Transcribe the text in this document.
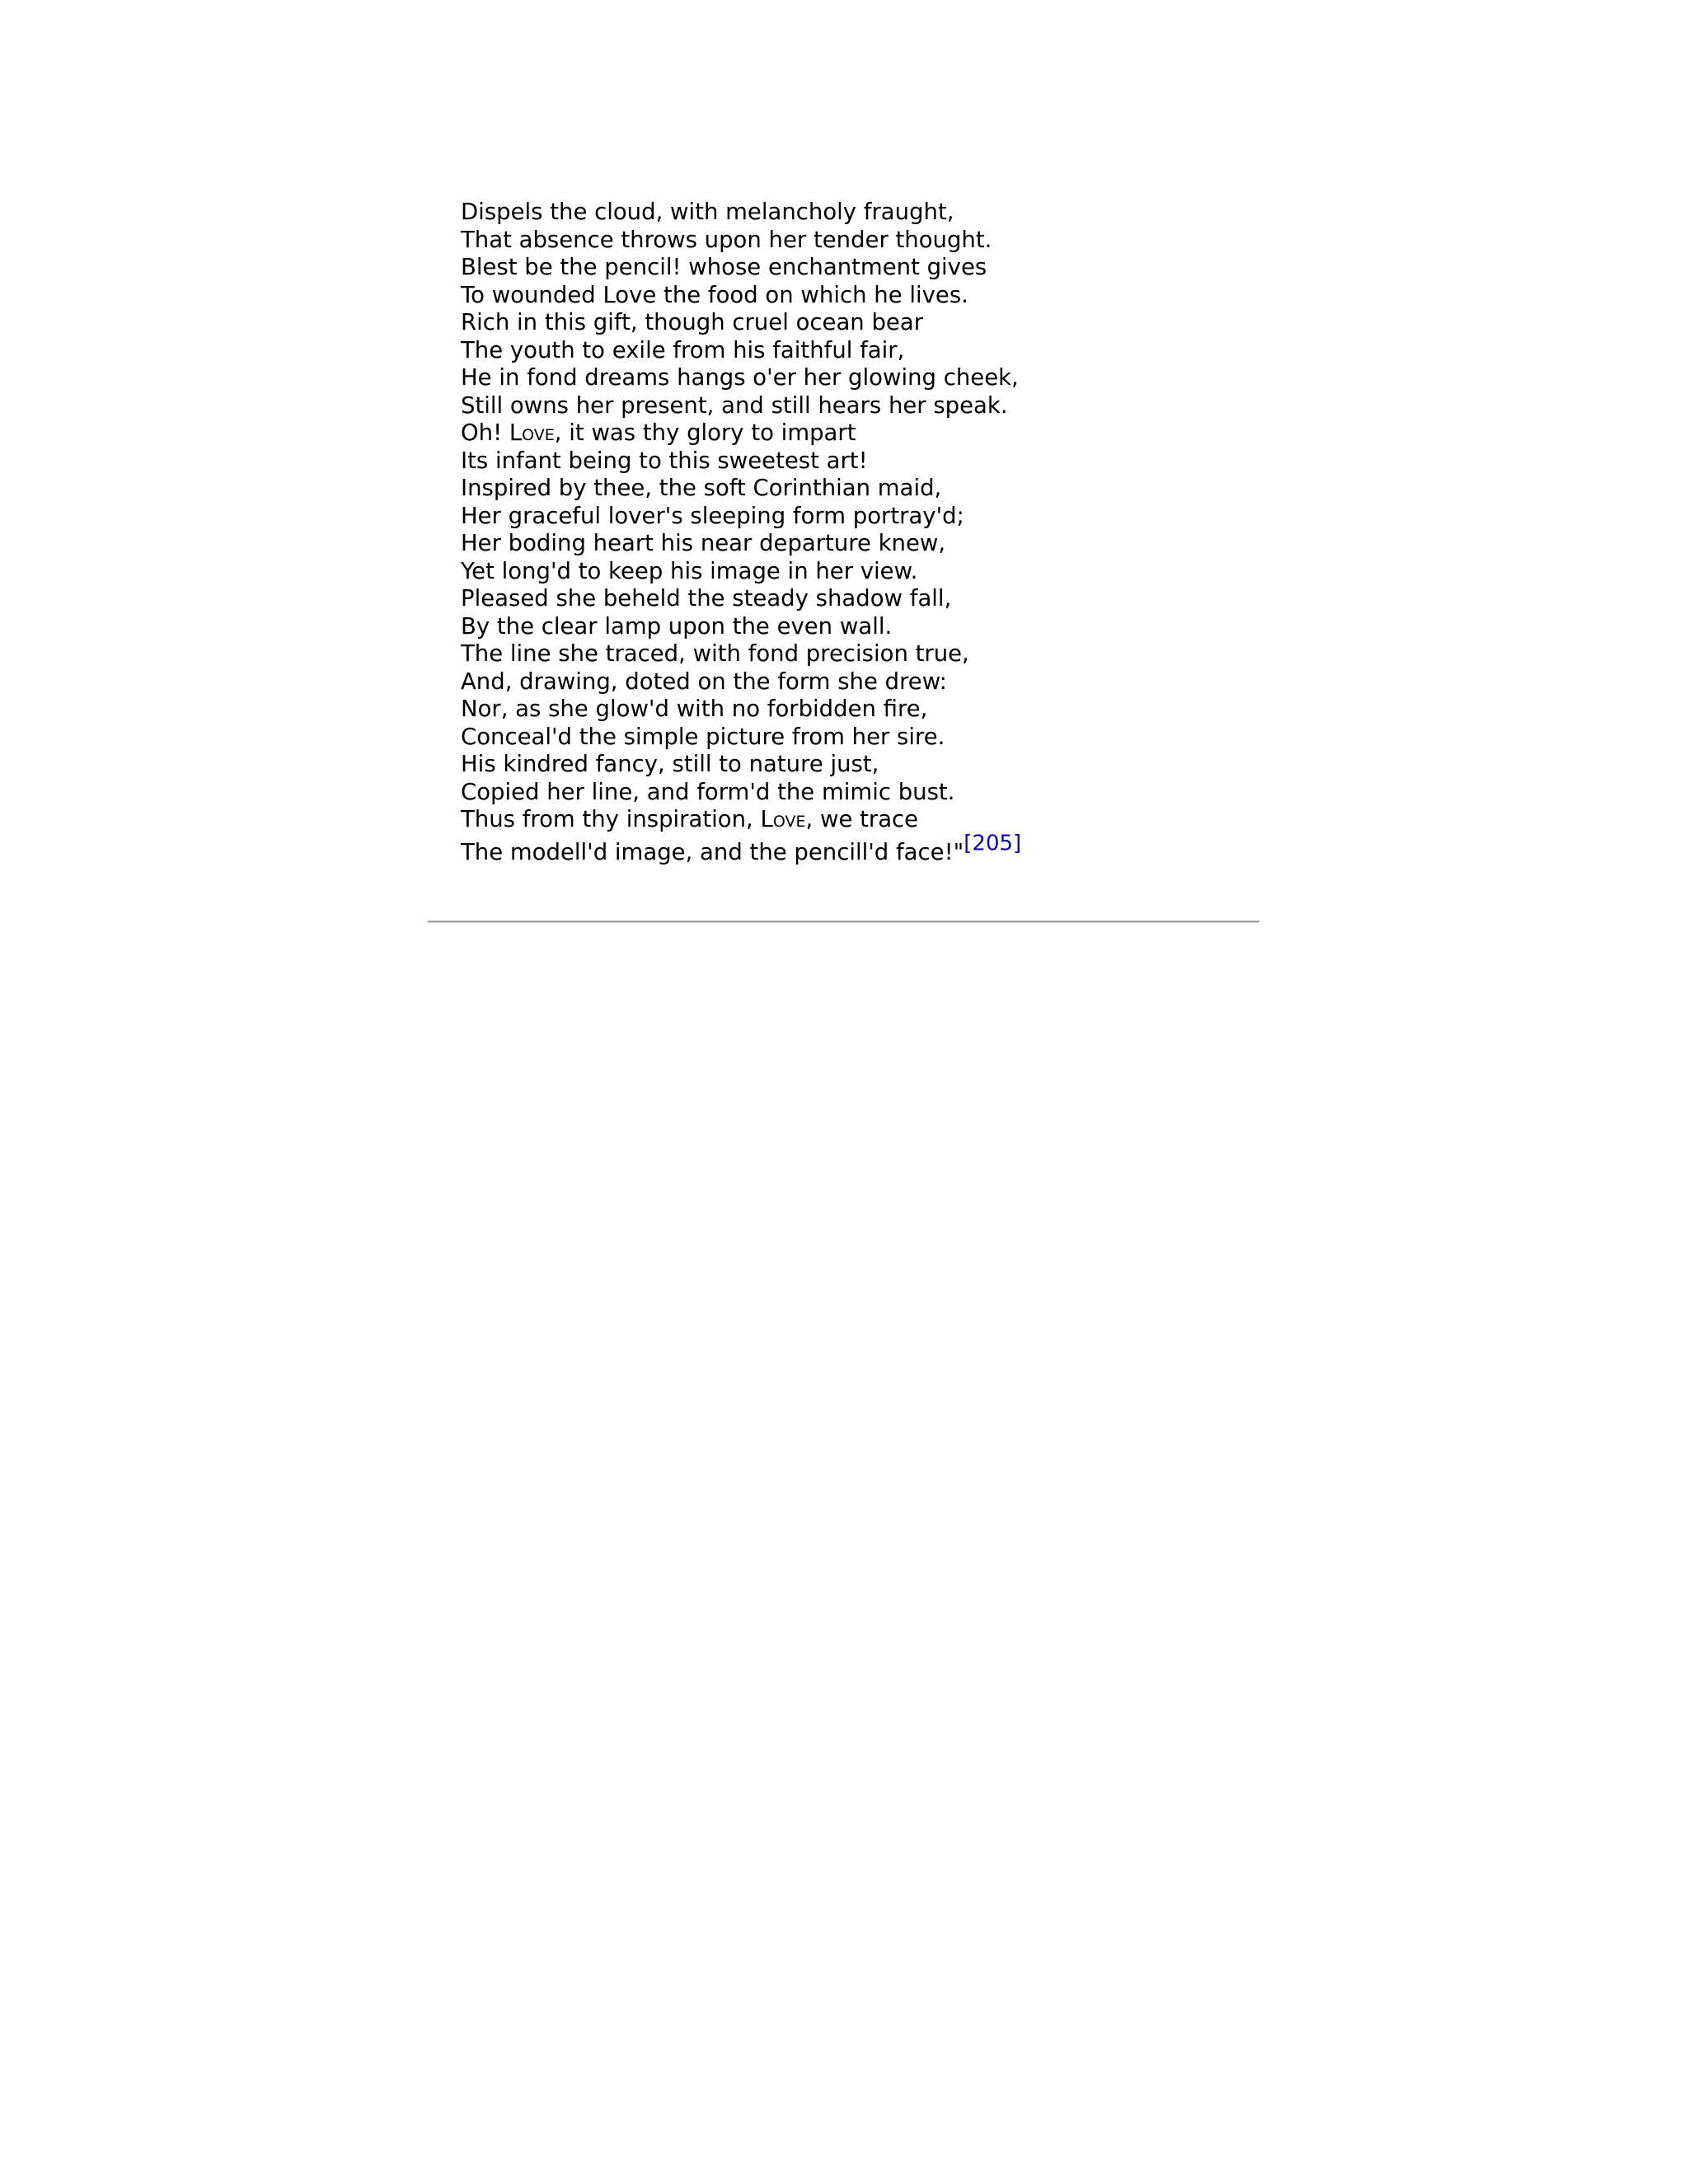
Dispels the cloud, with melancholy fraught,
That absence throws upon her tender thought.
Blest be the pencil! whose enchantment gives
To wounded Love the food on which he lives.
Rich in this gift, though cruel ocean bear
The youth to exile from his faithful fair,
He in fond dreams hangs o'er her glowing cheek,
Still owns her present, and still hears her speak.
Oh! Love, it was thy glory to impart
Its infant being to this sweetest art!
Inspired by thee, the soft Corinthian maid,
Her graceful lover's sleeping form portray'd;
Her boding heart his near departure knew,
Yet long'd to keep his image in her view.
Pleased she beheld the steady shadow fall,
By the clear lamp upon the even wall.
The line she traced, with fond precision true,
And, drawing, doted on the form she drew:
Nor, as she glow'd with no forbidden fire,
Conceal'd the simple picture from her sire.
His kindred fancy, still to nature just,
Copied her line, and form'd the mimic bust.
Thus from thy inspiration, Love, we trace
The modell'd image, and the pencill'd face!"[205]
